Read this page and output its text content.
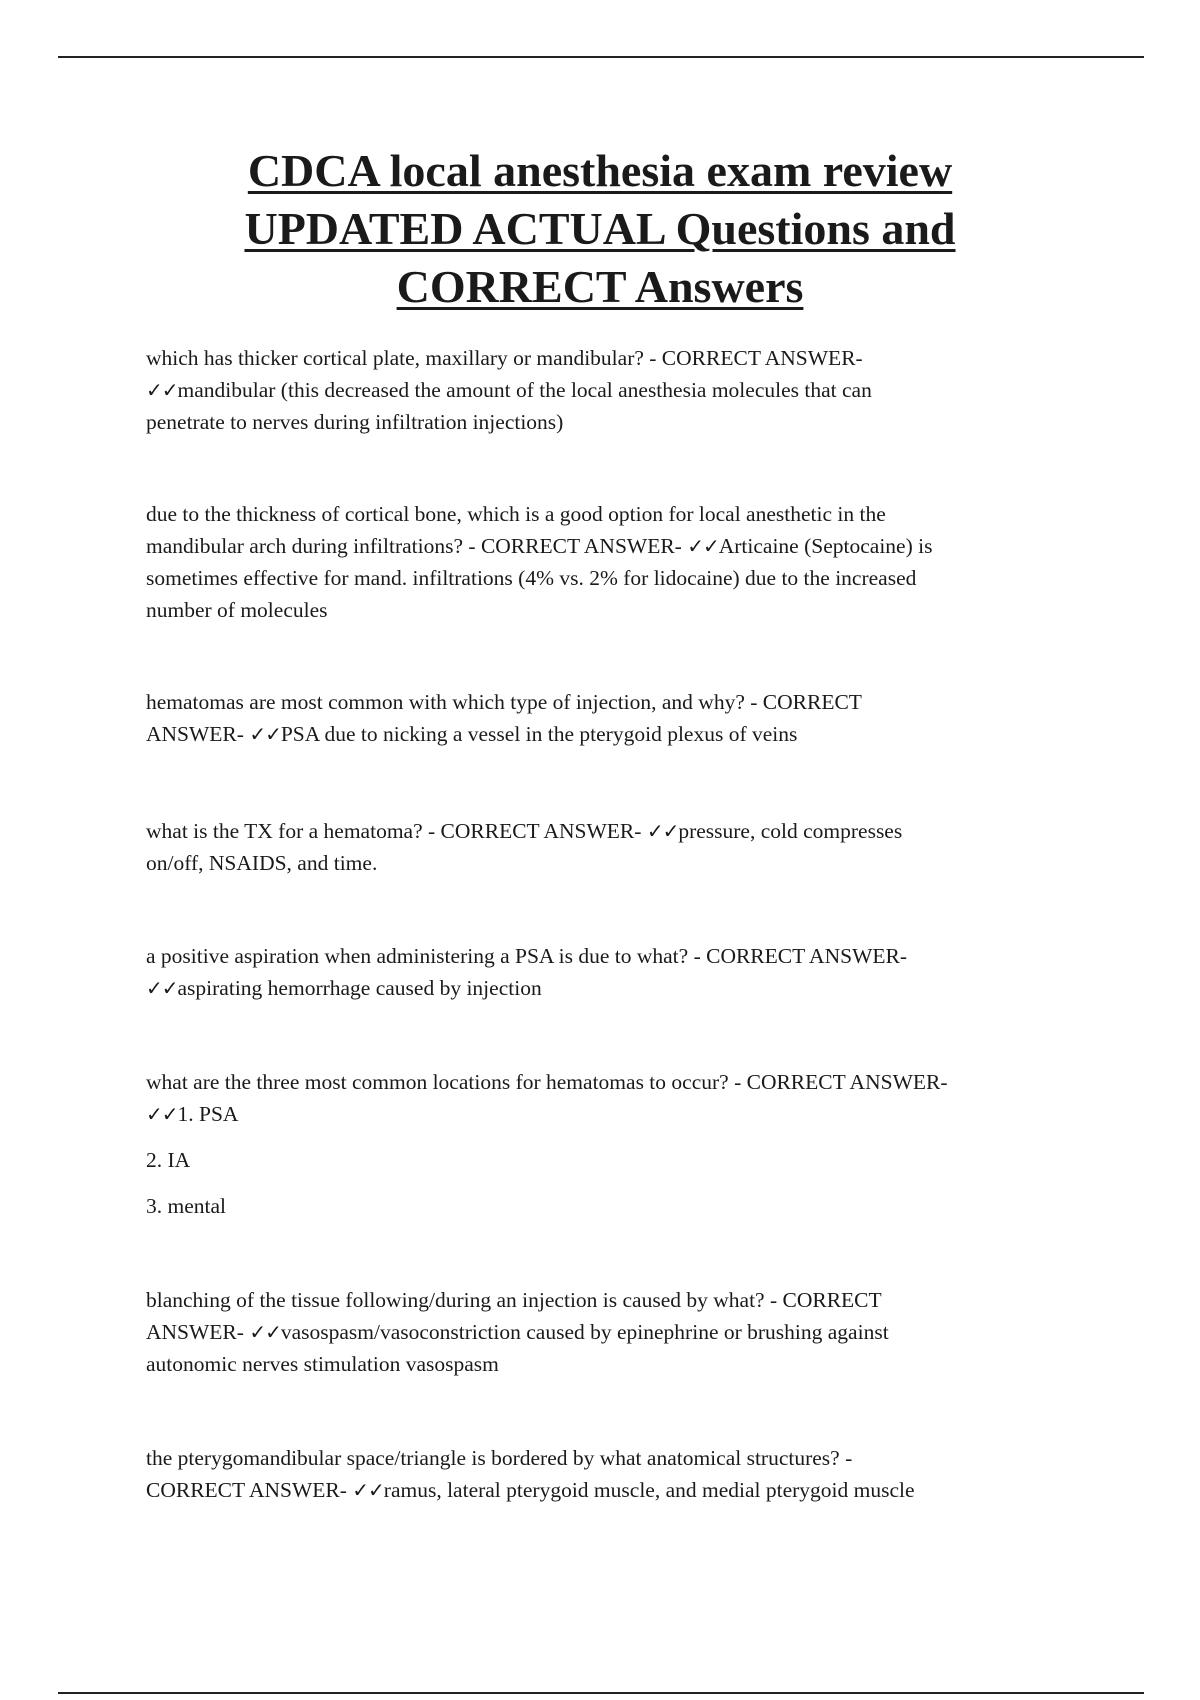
CDCA local anesthesia exam review
UPDATED ACTUAL Questions and
CORRECT Answers
which has thicker cortical plate, maxillary or mandibular? - CORRECT ANSWER-
✓✓mandibular (this decreased the amount of the local anesthesia molecules that can
penetrate to nerves during infiltration injections)
due to the thickness of cortical bone, which is a good option for local anesthetic in the
mandibular arch during infiltrations? - CORRECT ANSWER- ✓✓Articaine (Septocaine) is
sometimes effective for mand. infiltrations (4% vs. 2% for lidocaine) due to the increased
number of molecules
hematomas are most common with which type of injection, and why? - CORRECT
ANSWER- ✓✓PSA due to nicking a vessel in the pterygoid plexus of veins
what is the TX for a hematoma? - CORRECT ANSWER- ✓✓pressure, cold compresses
on/off, NSAIDS, and time.
a positive aspiration when administering a PSA is due to what? - CORRECT ANSWER-
✓✓aspirating hemorrhage caused by injection
what are the three most common locations for hematomas to occur? - CORRECT ANSWER-
✓✓1. PSA
2. IA
3. mental
blanching of the tissue following/during an injection is caused by what? - CORRECT
ANSWER- ✓✓vasospasm/vasoconstriction caused by epinephrine or brushing against
autonomic nerves stimulation vasospasm
the pterygomandibular space/triangle is bordered by what anatomical structures? -
CORRECT ANSWER- ✓✓ramus, lateral pterygoid muscle, and medial pterygoid muscle
